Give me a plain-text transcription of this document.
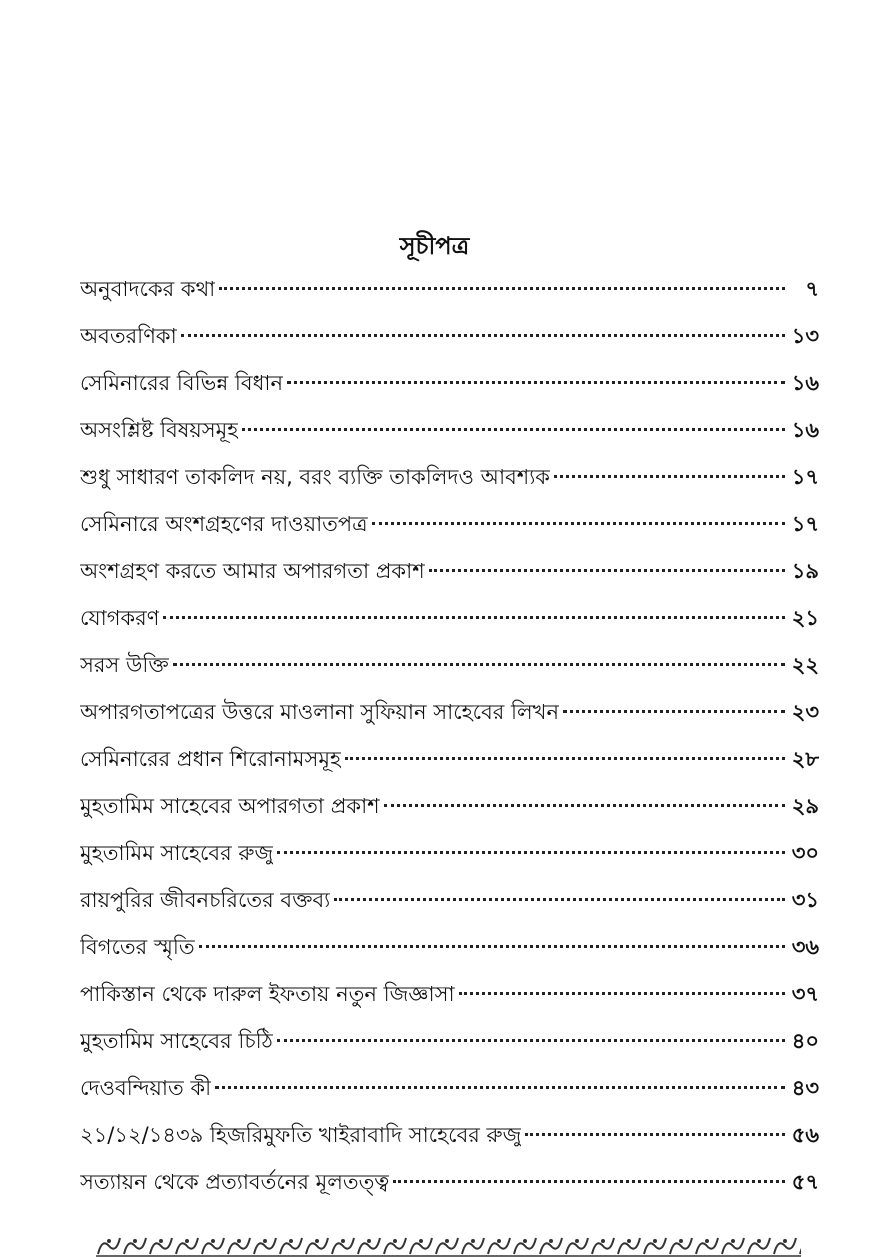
সূচীপত্র
অনুবাদকের কথা	৭
অবতরণিকা	১৩
সেমিনারের বিভিন্ন বিধান	১৬
অসংশ্লিষ্ট বিষয়সমূহ	১৬
শুধু সাধারণ তাকলিদ নয়, বরং ব্যক্তি তাকলিদও আবশ্যক	১৭
সেমিনারে অংশগ্রহণের দাওয়াতপত্র	১৭
অংশগ্রহণ করতে আমার অপারগতা প্রকাশ	১৯
যোগকরণ	২১
সরস উক্তি	২২
অপারগতাপত্রের উত্তরে মাওলানা সুফিয়ান সাহেবের লিখন	২৩
সেমিনারের প্রধান শিরোনামসমূহ	২৮
মুহতামিম সাহেবের অপারগতা প্রকাশ	২৯
মুহতামিম সাহেবের রুজু	৩০
রায়পুরির জীবনচরিতের বক্তব্য	৩১
বিগতের স্মৃতি	৩৬
পাকিস্তান থেকে দারুল ইফতায় নতুন জিজ্ঞাসা	৩৭
মুহতামিম সাহেবের চিঠি	৪০
দেওবন্দিয়াত কী	৪৩
২১/১২/১৪৩৯ হিজরিমুফতি খাইরাবাদি সাহেবের রুজু	৫৬
সত্যায়ন থেকে প্রত্যাবর্তনের মূলতত্ত্ব	৫৭
